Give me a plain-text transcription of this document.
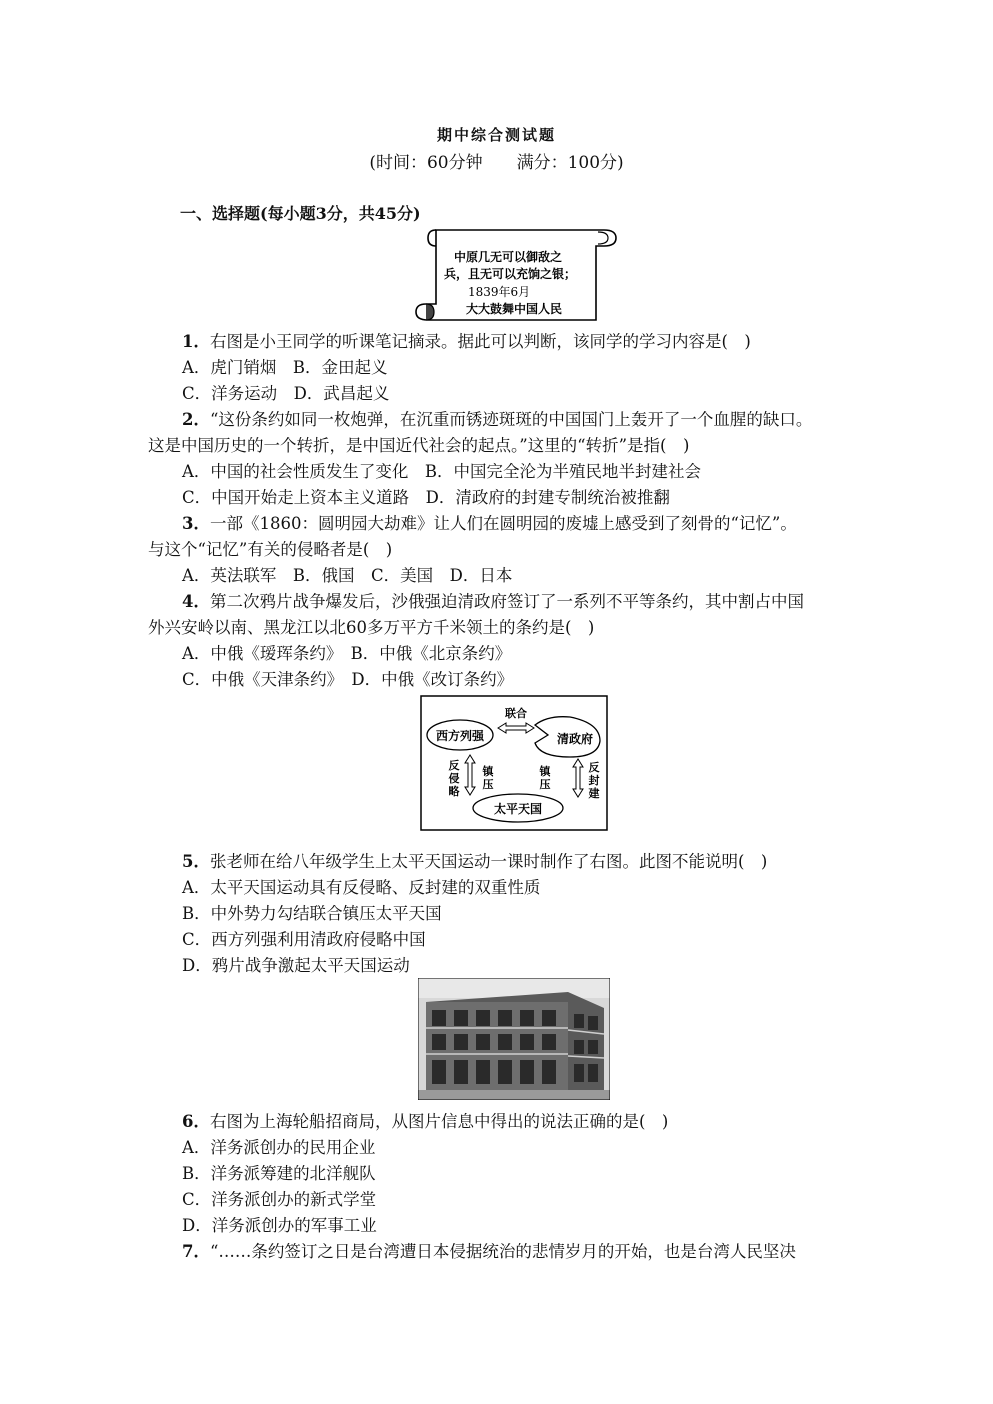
期中综合测试题
(时间：60分钟　　满分：100分)
一、选择题(每小题3分，共45分)
中原几无可以御敌之
兵，且无可以充饷之银；
1839年6月
大大鼓舞中国人民
1．右图是小王同学的听课笔记摘录。据此可以判断，该同学的学习内容是(　)
A．虎门销烟　B．金田起义
C．洋务运动　D．武昌起义
2．“这份条约如同一枚炮弹，在沉重而锈迹斑斑的中国国门上轰开了一个血腥的缺口。
这是中国历史的一个转折，是中国近代社会的起点。”这里的“转折”是指(　)
A．中国的社会性质发生了变化　B．中国完全沦为半殖民地半封建社会
C．中国开始走上资本主义道路　D．清政府的封建专制统治被推翻
3．一部《1860：圆明园大劫难》让人们在圆明园的废墟上感受到了刻骨的“记忆”。
与这个“记忆”有关的侵略者是(　)
A．英法联军　B．俄国　C．美国　D．日本
4．第二次鸦片战争爆发后，沙俄强迫清政府签订了一系列不平等条约，其中割占中国
外兴安岭以南、黑龙江以北60多万平方千米领土的条约是(　)
A．中俄《瑷珲条约》　B．中俄《北京条约》
C．中俄《天津条约》　D．中俄《改订条约》
西方列强	清政府
联合
太平天国
反
侵
略
镇
压
镇
压
反
封
建
5．张老师在给八年级学生上太平天国运动一课时制作了右图。此图不能说明(　)
A．太平天国运动具有反侵略、反封建的双重性质
B．中外势力勾结联合镇压太平天国
C．西方列强利用清政府侵略中国
D．鸦片战争激起太平天国运动
6．右图为上海轮船招商局，从图片信息中得出的说法正确的是(　)
A．洋务派创办的民用企业
B．洋务派筹建的北洋舰队
C．洋务派创办的新式学堂
D．洋务派创办的军事工业
7．“……条约签订之日是台湾遭日本侵据统治的悲情岁月的开始，也是台湾人民坚决
